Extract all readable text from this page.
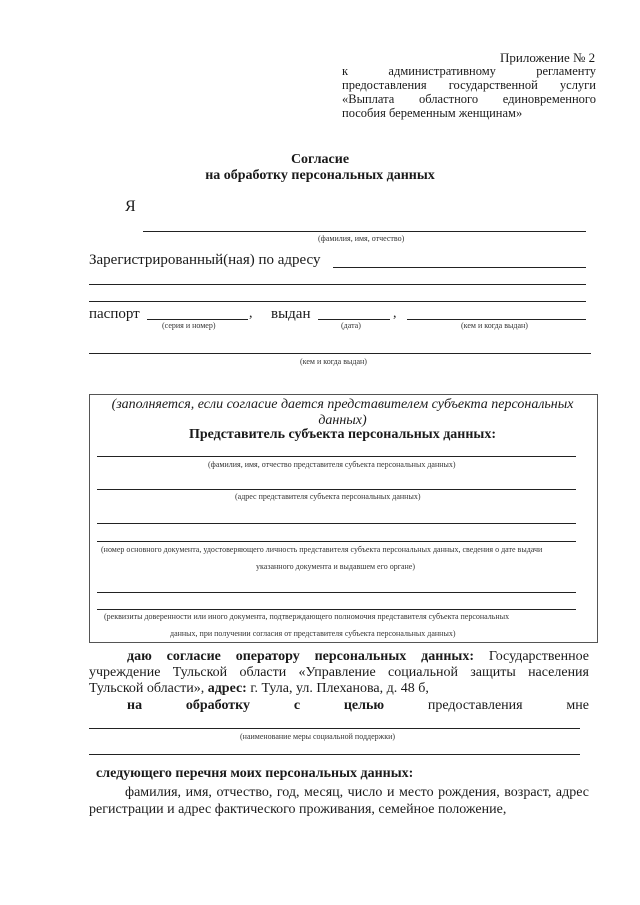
Приложение № 2

к административному регламенту

предоставления государственной услуги

«Выплата областного единовременного

пособия беременным женщинам»

Согласие
на обработку персональных данных
Я
(фамилия, имя, отчество)
Зарегистрированный(ная) по адресу
паспорт	, выдан	,
(серия и номер)	(дата)	(кем и когда выдан)
(кем и когда выдан)
(заполняется, если согласие дается представителем субъекта персональных данных)
Представитель субъекта персональных данных:
(фамилия, имя, отчество представителя субъекта персональных данных)
(адрес представителя субъекта персональных данных)
(номер основного документа, удостоверяющего личность представителя субъекта персональных данных, сведения о дате выдачи
указанного документа и выдавшем его органе)
(реквизиты доверенности или иного документа, подтверждающего полномочия представителя субъекта персональных
данных, при получении согласия от представителя субъекта персональных данных)
даю согласие оператору персональных данных: Государственное учреждение Тульской области «Управление социальной защиты населения Тульской области», адрес: г. Тула, ул. Плеханова, д. 48 б,
на	обработку	с	целью	предоставления	мне
(наименование меры социальной поддержки)
следующего перечня моих персональных данных:
фамилия, имя, отчество, год, месяц, число и место рождения, возраст, адрес регистрации и адрес фактического проживания, семейное положение,
